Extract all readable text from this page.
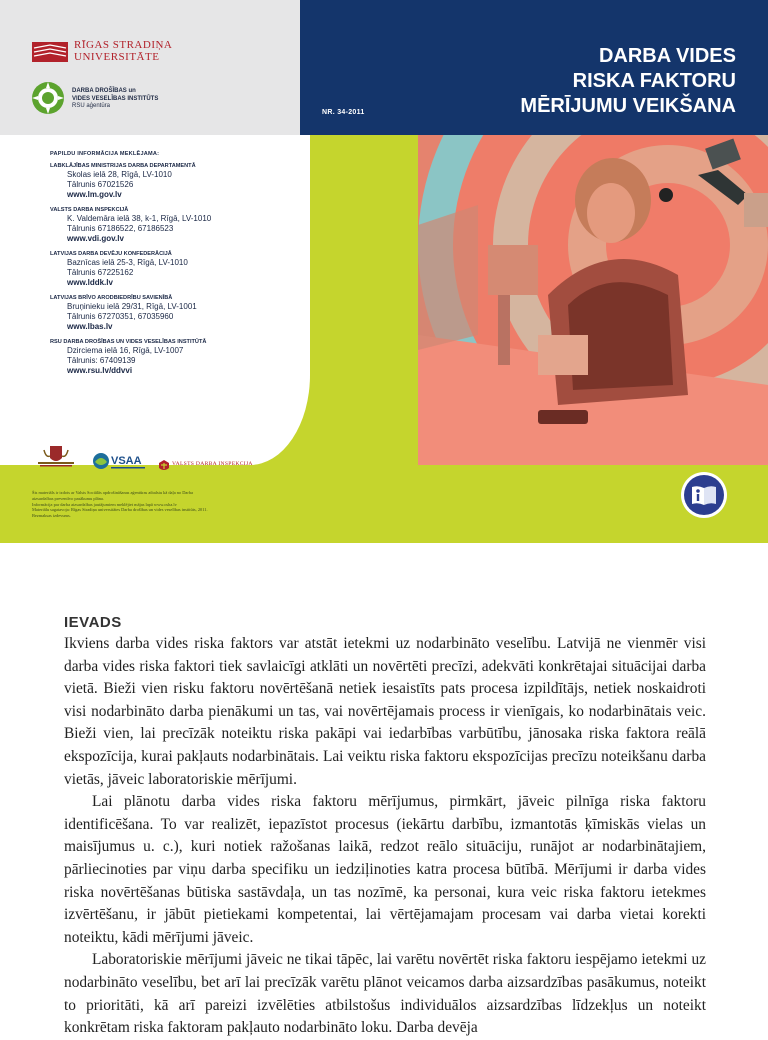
RĪGAS STRADIŅA
UNIVERSITĀTE
DARBA DROŠĪBAS un
VIDES VESELĪBAS INSTITŪTS
RSU aģentūra
NR. 34-2011
DARBA VIDES
RISKA FAKTORU
MĒRĪJUMU VEIKŠANA
PAPILDU INFORMĀCIJA MEKLĒJAMA:
LABKLĀJĪBAS MINISTRIJAS DARBA DEPARTAMENTĀ
Skolas ielā 28, Rīgā, LV-1010
Tālrunis 67021526
www.lm.gov.lv
VALSTS DARBA INSPEKCIJĀ
K. Valdemāra ielā 38, k-1, Rīgā, LV-1010
Tālrunis 67186522, 67186523
www.vdi.gov.lv
LATVIJAS DARBA DEVĒJU KONFEDERĀCIJĀ
Baznīcas ielā 25-3, Rīgā, LV-1010
Tālrunis 67225162
www.lddk.lv
LATVIJAS BRĪVO ARODBIEDRĪBU SAVIENĪBĀ
Bruņinieku ielā 29/31, Rīgā, LV-1001
Tālrunis 67270351, 67035960
www.lbas.lv
RSU DARBA DROŠĪBAS UN VIDES VESELĪBAS INSTITŪTĀ
Dzirciema ielā 16, Rīgā, LV-1007
Tālrunis: 67409139
www.rsu.lv/ddvvi
VSAA	VALSTS DARBA INSPEKCIJA
Šis materiāls ir izdots ar Valsts Sociālās apdrošināšanas aģentūras atbalstu kā daļa no Darba
aizsardzības preventīvo pasākumu plāna.
Informācija par darba aizsardzības jautājumiem meklējiet mājas lapā www.osha.lv
Materiālu sagatavoja: Rīgas Stradiņa universitātes Darba drošības un vides veselības institūts, 2011.
Bezmaksas izdevums.
IEVADS

Ikviens darba vides riska faktors var atstāt ietekmi uz nodarbināto veselību. Latvijā ne vienmēr visi darba vides riska faktori tiek savlaicīgi atklāti un novērtēti precīzi, adekvāti konkrētajai situācijai darba vietā. Bieži vien risku faktoru novērtēšanā netiek iesaistīts pats procesa izpildītājs, netiek noskaidroti visi nodarbināto darba pienākumi un tas, vai novērtējamais process ir vienīgais, ko nodarbinātais veic. Bieži vien, lai precīzāk noteiktu riska pakāpi vai iedarbības varbūtību, jānosaka riska faktora reālā ekspozīcija, kurai pakļauts nodarbinātais. Lai veiktu riska faktoru ekspozīcijas precīzu noteikšanu darba vietās, jāveic laboratoriskie mērījumi.

Lai plānotu darba vides riska faktoru mērījumus, pirmkārt, jāveic pilnīga riska faktoru identificēšana. To var realizēt, iepazīstot procesus (iekārtu darbību, izmantotās ķīmiskās vielas un maisījumus u. c.), kuri notiek ražošanas laikā, redzot reālo situāciju, runājot ar nodarbinātajiem, pārliecinoties par viņu darba specifiku un iedziļinoties katra procesa būtībā. Mērījumi ir darba vides riska novērtēšanas būtiska sastāvdaļa, un tas nozīmē, ka personai, kura veic riska faktoru ietekmes izvērtēšanu, ir jābūt pietiekami kompetentai, lai vērtējamajam procesam vai darba vietai korekti noteiktu, kādi mērījumi jāveic.

Laboratoriskie mērījumi jāveic ne tikai tāpēc, lai varētu novērtēt riska faktoru iespējamo ietekmi uz nodarbināto veselību, bet arī lai precīzāk varētu plānot veicamos darba aizsardzības pasākumus, noteikt to prioritāti, kā arī pareizi izvēlēties atbilstošus individuālos aizsardzības līdzekļus un noteikt konkrētam riska faktoram pakļauto nodarbināto loku. Darba devēja
